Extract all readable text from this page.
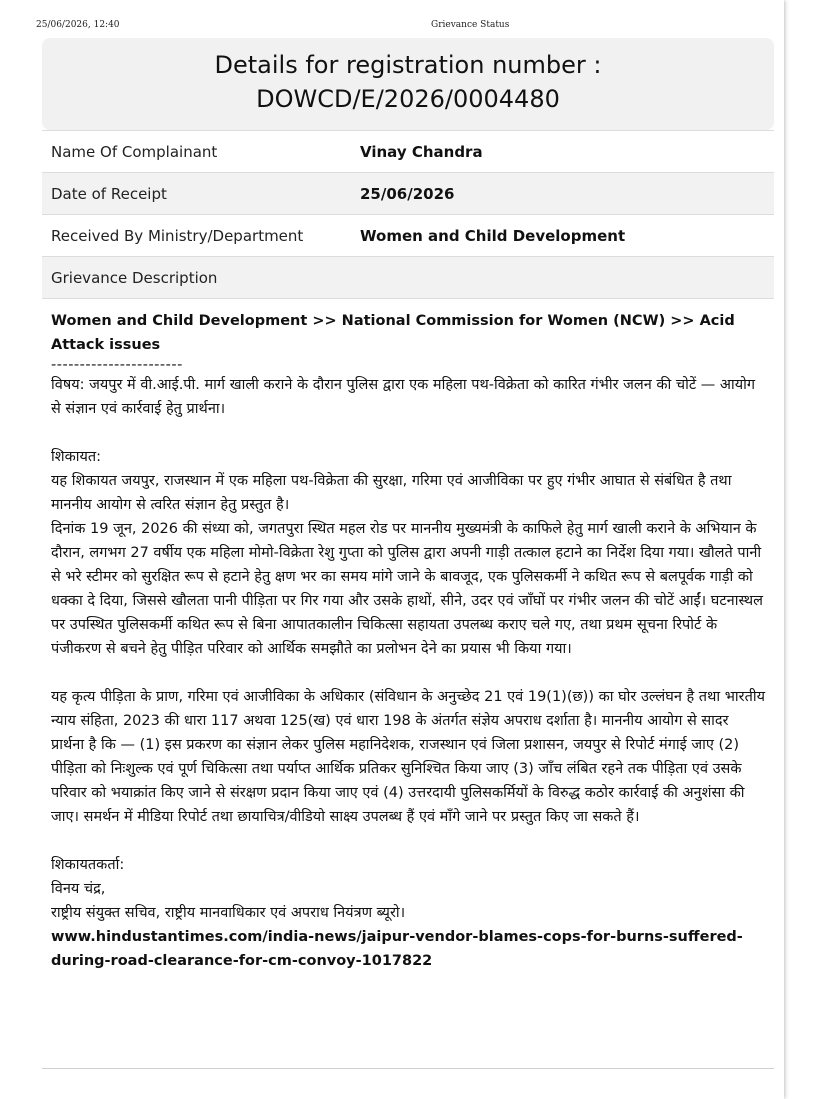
25/06/2026, 12:40	Grievance Status
Details for registration number :
DOWCD/E/2026/0004480
Name Of Complainant	Vinay Chandra
Date of Receipt	25/06/2026
Received By Ministry/Department	Women and Child Development
Grievance Description

Women and Child Development >> National Commission for Women (NCW) >> Acid Attack issues

-----------------------

विषय: जयपुर में वी.आई.पी. मार्ग खाली कराने के दौरान पुलिस द्वारा एक महिला पथ-विक्रेता को कारित गंभीर जलन की चोटें — आयोग से संज्ञान एवं कार्रवाई हेतु प्रार्थना।

शिकायत:

यह शिकायत जयपुर, राजस्थान में एक महिला पथ-विक्रेता की सुरक्षा, गरिमा एवं आजीविका पर हुए गंभीर आघात से संबंधित है तथा माननीय आयोग से त्वरित संज्ञान हेतु प्रस्तुत है।

दिनांक 19 जून, 2026 की संध्या को, जगतपुरा स्थित महल रोड पर माननीय मुख्यमंत्री के काफिले हेतु मार्ग खाली कराने के अभियान के दौरान, लगभग 27 वर्षीय एक महिला मोमो-विक्रेता रेशु गुप्ता को पुलिस द्वारा अपनी गाड़ी तत्काल हटाने का निर्देश दिया गया। खौलते पानी से भरे स्टीमर को सुरक्षित रूप से हटाने हेतु क्षण भर का समय मांगे जाने के बावजूद, एक पुलिसकर्मी ने कथित रूप से बलपूर्वक गाड़ी को धक्का दे दिया, जिससे खौलता पानी पीड़िता पर गिर गया और उसके हाथों, सीने, उदर एवं जाँघों पर गंभीर जलन की चोटें आईं। घटनास्थल पर उपस्थित पुलिसकर्मी कथित रूप से बिना आपातकालीन चिकित्सा सहायता उपलब्ध कराए चले गए, तथा प्रथम सूचना रिपोर्ट के पंजीकरण से बचने हेतु पीड़ित परिवार को आर्थिक समझौते का प्रलोभन देने का प्रयास भी किया गया।

यह कृत्य पीड़िता के प्राण, गरिमा एवं आजीविका के अधिकार (संविधान के अनुच्छेद 21 एवं 19(1)(छ)) का घोर उल्लंघन है तथा भारतीय न्याय संहिता, 2023 की धारा 117 अथवा 125(ख) एवं धारा 198 के अंतर्गत संज्ञेय अपराध दर्शाता है। माननीय आयोग से सादर प्रार्थना है कि — (1) इस प्रकरण का संज्ञान लेकर पुलिस महानिदेशक, राजस्थान एवं जिला प्रशासन, जयपुर से रिपोर्ट मंगाई जाए (2) पीड़िता को निःशुल्क एवं पूर्ण चिकित्सा तथा पर्याप्त आर्थिक प्रतिकर सुनिश्चित किया जाए (3) जाँच लंबित रहने तक पीड़िता एवं उसके परिवार को भयाक्रांत किए जाने से संरक्षण प्रदान किया जाए एवं (4) उत्तरदायी पुलिसकर्मियों के विरुद्ध कठोर कार्रवाई की अनुशंसा की जाए। समर्थन में मीडिया रिपोर्ट तथा छायाचित्र/वीडियो साक्ष्य उपलब्ध हैं एवं माँगे जाने पर प्रस्तुत किए जा सकते हैं।

शिकायतकर्ता:

विनय चंद्र,

राष्ट्रीय संयुक्त सचिव, राष्ट्रीय मानवाधिकार एवं अपराध नियंत्रण ब्यूरो।

www.hindustantimes.com/india-news/jaipur-vendor-blames-cops-for-burns-suffered-during-road-clearance-for-cm-convoy-1017822
